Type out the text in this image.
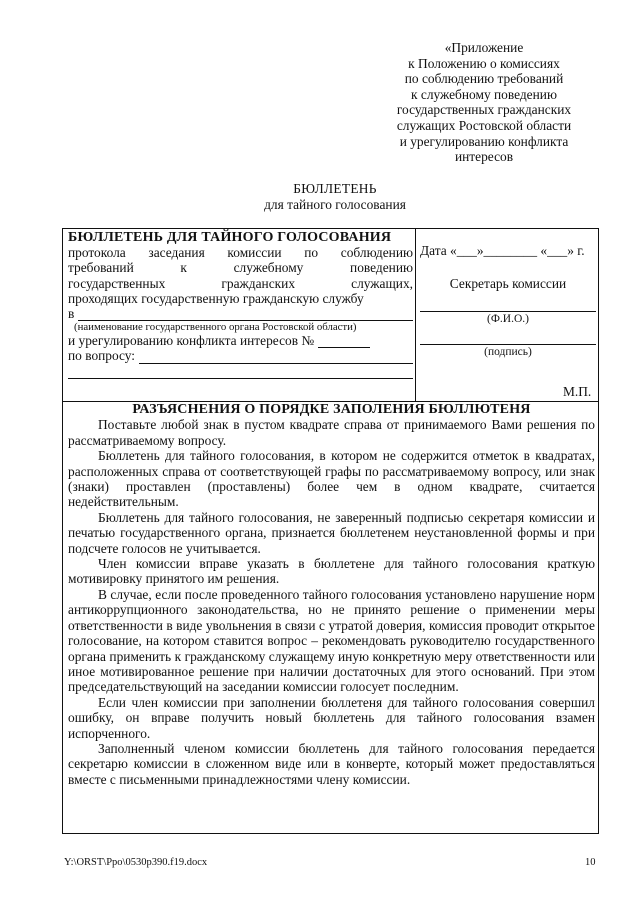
«Приложение
к Положению о комиссиях
по соблюдению требований
к служебному поведению
государственных гражданских
служащих Ростовской области
и урегулированию конфликта
интересов
БЮЛЛЕТЕНЬ
для тайного голосования
БЮЛЛЕТЕНЬ ДЛЯ ТАЙНОГО ГОЛОСОВАНИЯ
протокола заседания комиссии по соблюдению
требований к служебному поведению
государственных гражданских служащих,
проходящих государственную гражданскую службу
в
(наименование государственного органа Ростовской области)
и урегулированию конфликта интересов №
по вопросу:
Дата «___»________ «___» г.
Секретарь комиссии
(Ф.И.О.)
(подпись)
М.П.
РАЗЪЯСНЕНИЯ О ПОРЯДКЕ ЗАПОЛЕНИЯ БЮЛЛЮТЕНЯ

Поставьте любой знак в пустом квадрате справа от принимаемого Вами решения по рассматриваемому вопросу.

Бюллетень для тайного голосования, в котором не содержится отметок в квадратах, расположенных справа от соответствующей графы по рассматриваемому вопросу, или знак (знаки) проставлен (проставлены) более чем в одном квадрате, считается недействительным.

Бюллетень для тайного голосования, не заверенный подписью секретаря комиссии и печатью государственного органа, признается бюллетенем неустановленной формы и при подсчете голосов не учитывается.

Член комиссии вправе указать в бюллетене для тайного голосования краткую мотивировку принятого им решения.

В случае, если после проведенного тайного голосования установлено нарушение норм антикоррупционного законодательства, но не принято решение о применении меры ответственности в виде увольнения в связи с утратой доверия, комиссия проводит открытое голосование, на котором ставится вопрос – рекомендовать руководителю государственного органа применить к гражданскому служащему иную конкретную меру ответственности или иное мотивированное решение при наличии достаточных для этого оснований. При этом председательствующий на заседании комиссии голосует последним.

Если член комиссии при заполнении бюллетеня для тайного голосования совершил ошибку, он вправе получить новый бюллетень для тайного голосования взамен испорченного.

Заполненный членом комиссии бюллетень для тайного голосования передается секретарю комиссии в сложенном виде или в конверте, который может предоставляться вместе с письменными принадлежностями члену комиссии.

Y:\ORST\Ppo\0530p390.f19.docx	10
